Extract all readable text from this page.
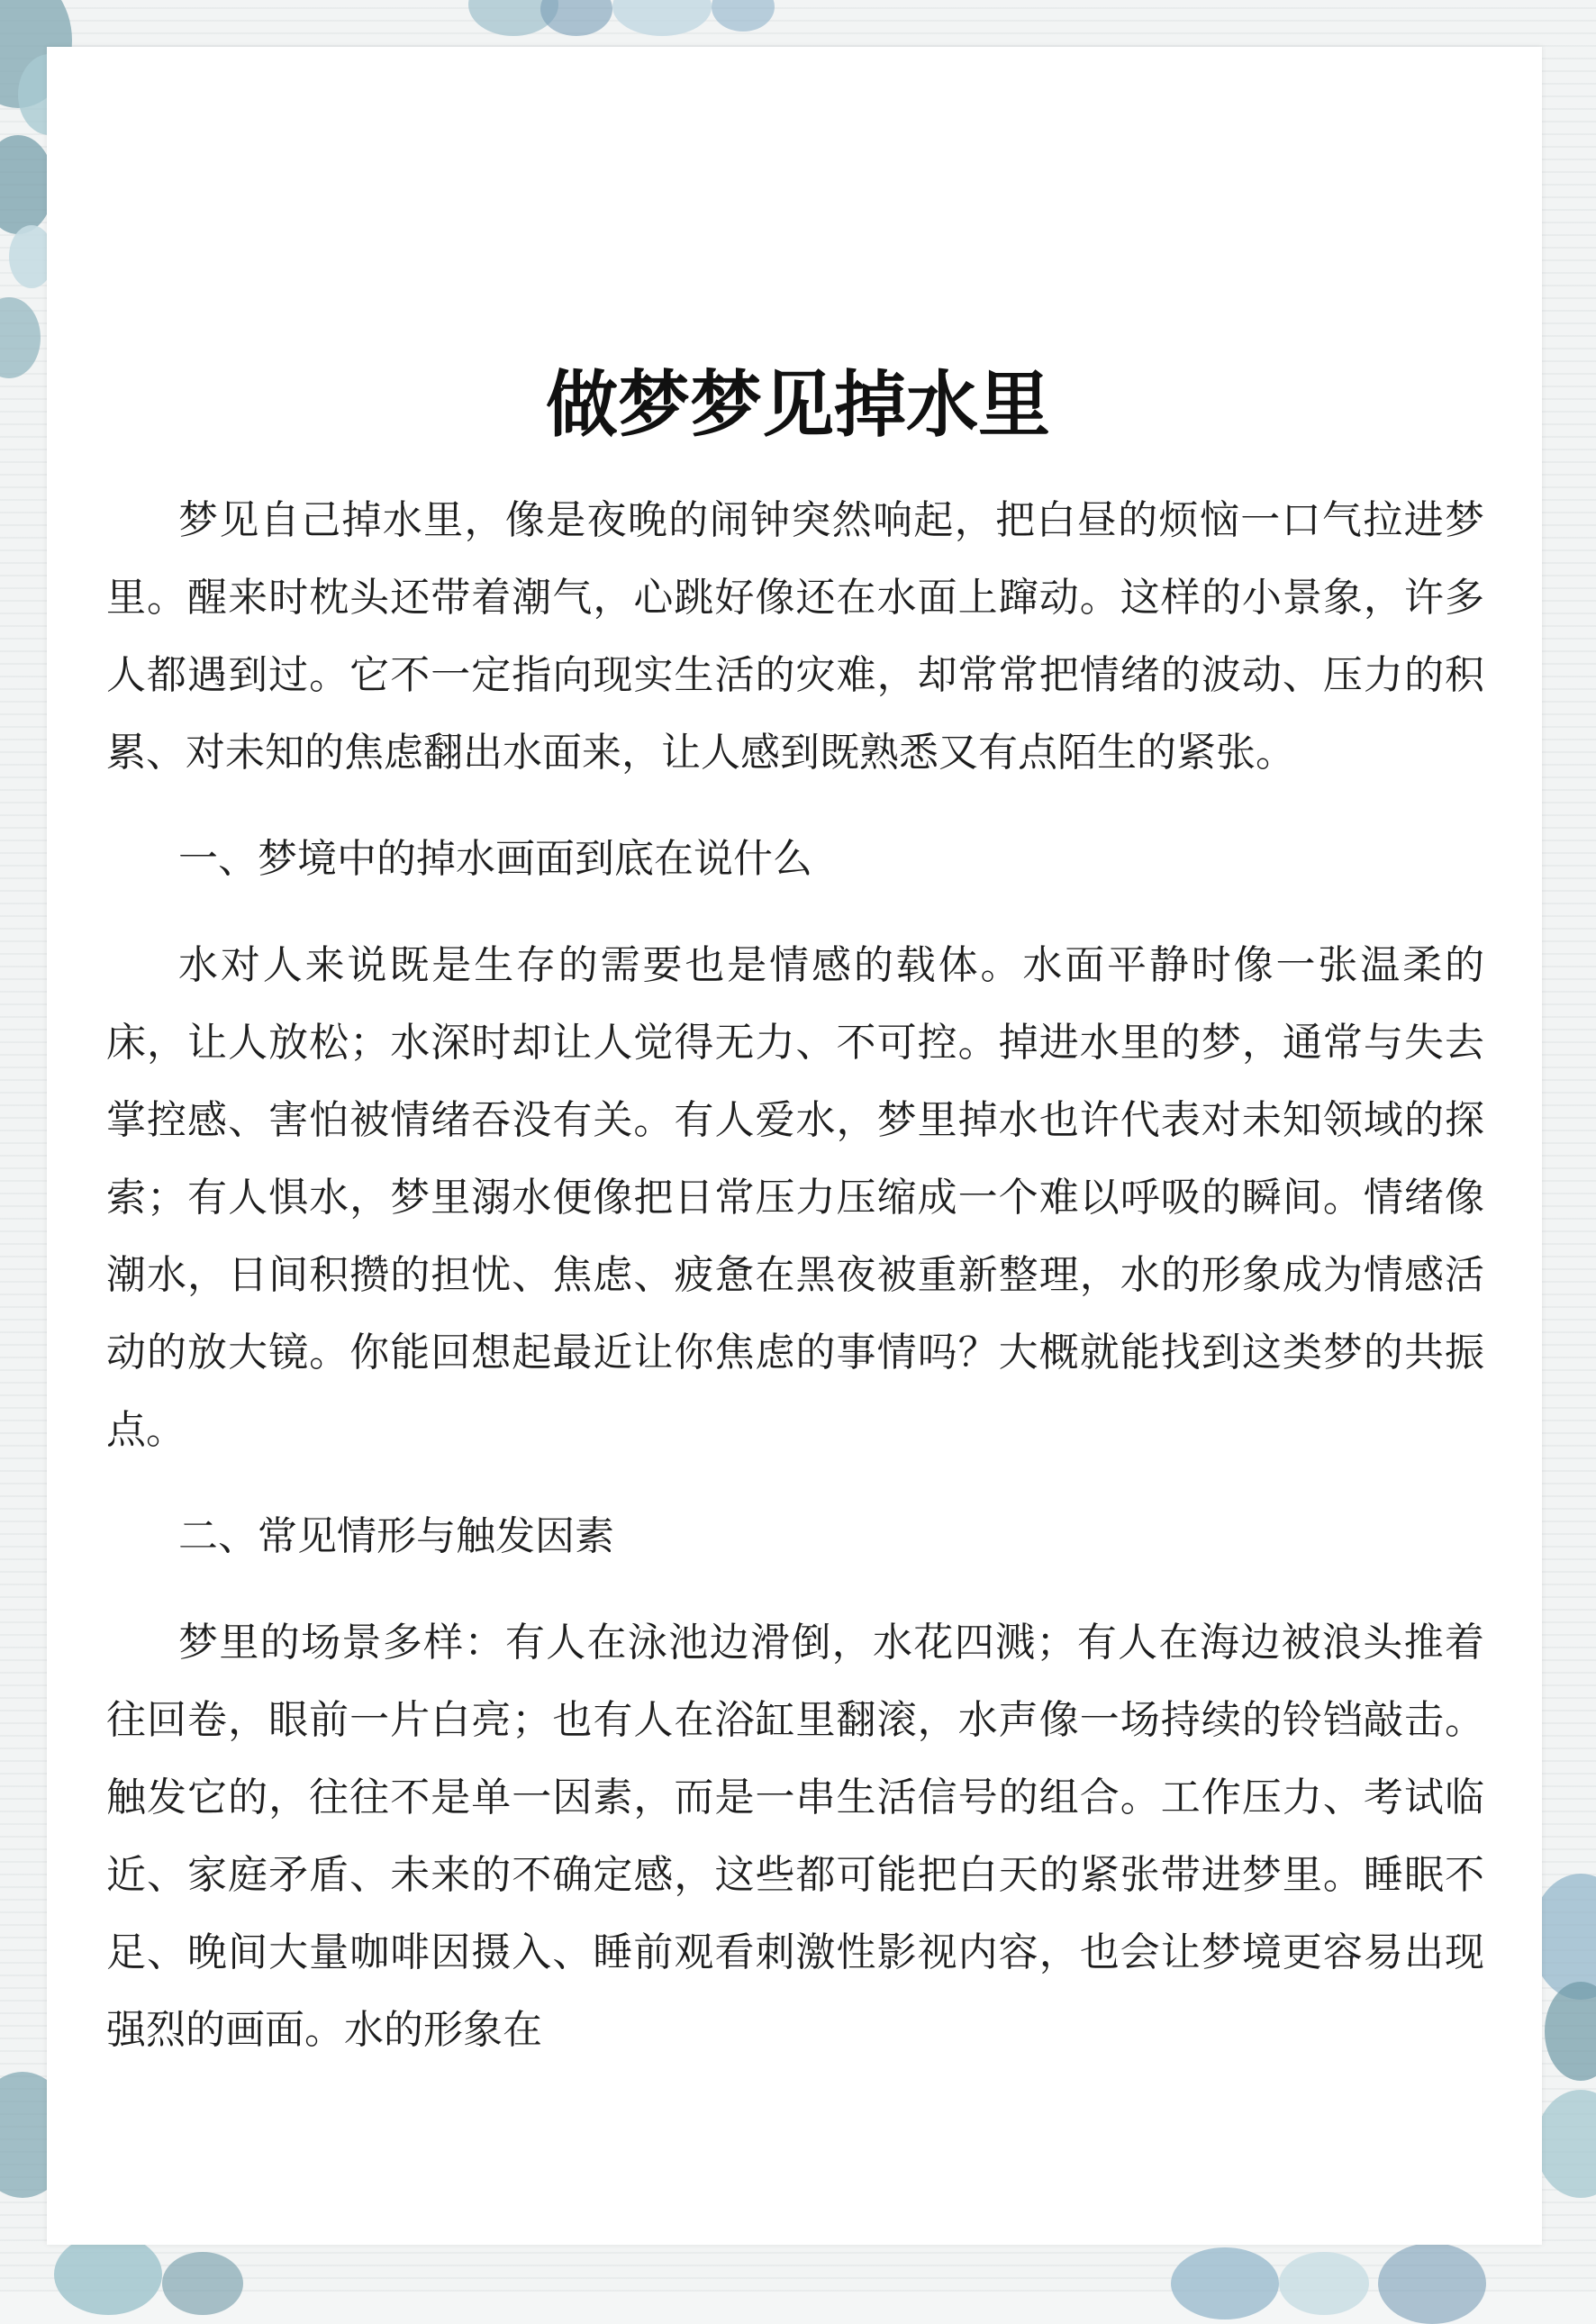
做梦梦见掉水里

梦见自己掉水里，像是夜晚的闹钟突然响起，把白昼的烦恼一口气拉进梦里。醒来时枕头还带着潮气，心跳好像还在水面上蹿动。这样的小景象，许多人都遇到过。它不一定指向现实生活的灾难，却常常把情绪的波动、压力的积累、对未知的焦虑翻出水面来，让人感到既熟悉又有点陌生的紧张。

一、梦境中的掉水画面到底在说什么

水对人来说既是生存的需要也是情感的载体。水面平静时像一张温柔的床，让人放松；水深时却让人觉得无力、不可控。掉进水里的梦，通常与失去掌控感、害怕被情绪吞没有关。有人爱水，梦里掉水也许代表对未知领域的探索；有人惧水，梦里溺水便像把日常压力压缩成一个难以呼吸的瞬间。情绪像潮水，日间积攒的担忧、焦虑、疲惫在黑夜被重新整理，水的形象成为情感活动的放大镜。你能回想起最近让你焦虑的事情吗？大概就能找到这类梦的共振点。

二、常见情形与触发因素

梦里的场景多样：有人在泳池边滑倒，水花四溅；有人在海边被浪头推着往回卷，眼前一片白亮；也有人在浴缸里翻滚，水声像一场持续的铃铛敲击。触发它的，往往不是单一因素，而是一串生活信号的组合。工作压力、考试临近、家庭矛盾、未来的不确定感，这些都可能把白天的紧张带进梦里。睡眠不足、晚间大量咖啡因摄入、睡前观看刺激性影视内容，也会让梦境更容易出现强烈的画面。水的形象在
